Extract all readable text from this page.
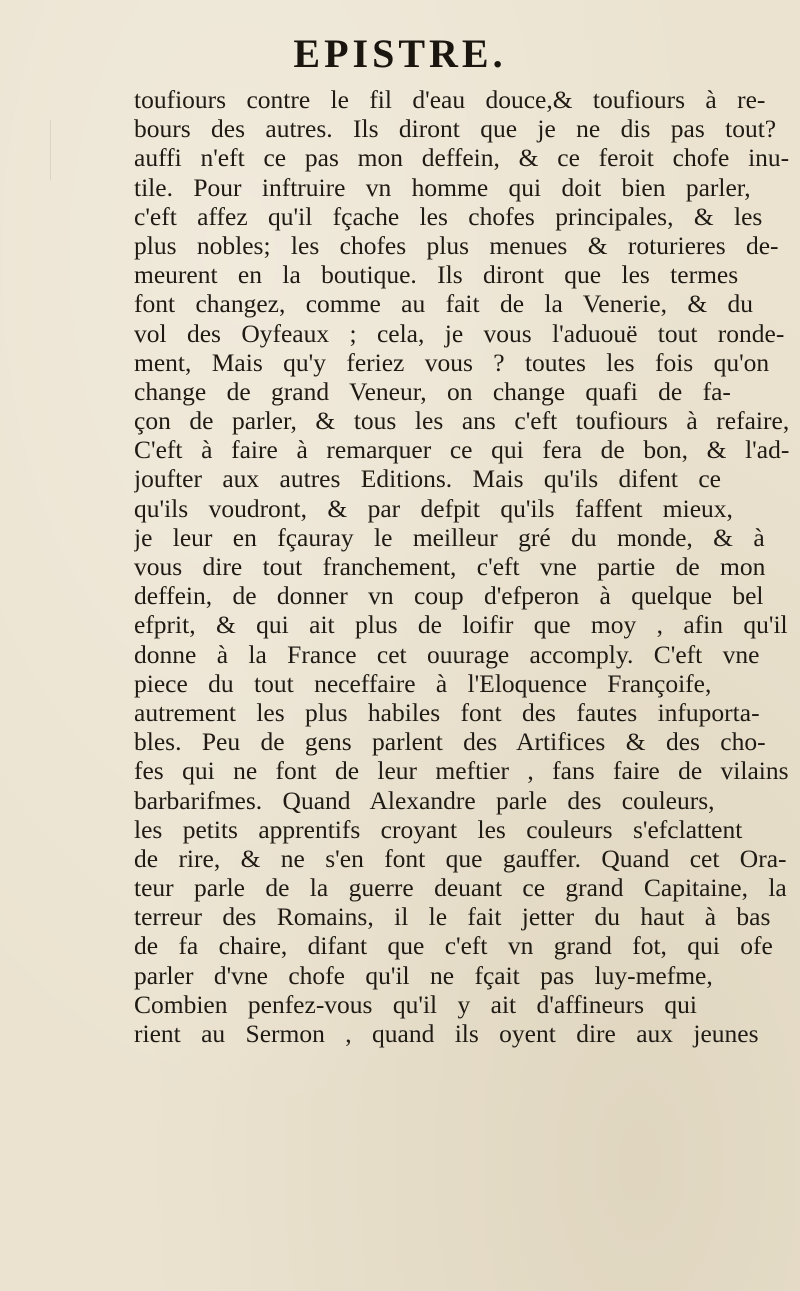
EPISTRE.
toufiours contre le fil d'eau douce,& toufiours à re-
bours des autres. Ils diront que je ne dis pas tout?
auffi n'eft ce pas mon deffein, & ce feroit chofe inu-
tile. Pour inftruire vn homme qui doit bien parler,
c'eft affez qu'il fçache les chofes principales, & les
plus nobles; les chofes plus menues & roturieres de-
meurent en la boutique. Ils diront que les termes
font changez, comme au fait de la Venerie, & du
vol des Oyfeaux ; cela, je vous l'aduouë tout ronde-
ment, Mais qu'y feriez vous ? toutes les fois qu'on
change de grand Veneur, on change quafi de fa-
çon de parler, & tous les ans c'eft toufiours à refaire,
C'eft à faire à remarquer ce qui fera de bon, & l'ad-
joufter aux autres Editions. Mais qu'ils difent ce
qu'ils voudront, & par defpit qu'ils faffent mieux,
je leur en fçauray le meilleur gré du monde, & à
vous dire tout franchement, c'eft vne partie de mon
deffein, de donner vn coup d'efperon à quelque bel
efprit, & qui ait plus de loifir que moy , afin qu'il
donne à la France cet ouurage accomply. C'eft vne
piece du tout neceffaire à l'Eloquence Françoife,
autrement les plus habiles font des fautes infuporta-
bles. Peu de gens parlent des Artifices & des cho-
fes qui ne font de leur meftier , fans faire de vilains
barbarifmes. Quand Alexandre parle des couleurs,
les petits apprentifs croyant les couleurs s'efclattent
de rire, & ne s'en font que gauffer. Quand cet Ora-
teur parle de la guerre deuant ce grand Capitaine, la
terreur des Romains, il le fait jetter du haut à bas
de fa chaire, difant que c'eft vn grand fot, qui ofe
parler d'vne chofe qu'il ne fçait pas luy-mefme,
Combien penfez-vous qu'il y ait d'affineurs qui
rient au Sermon , quand ils oyent dire aux jeunes
